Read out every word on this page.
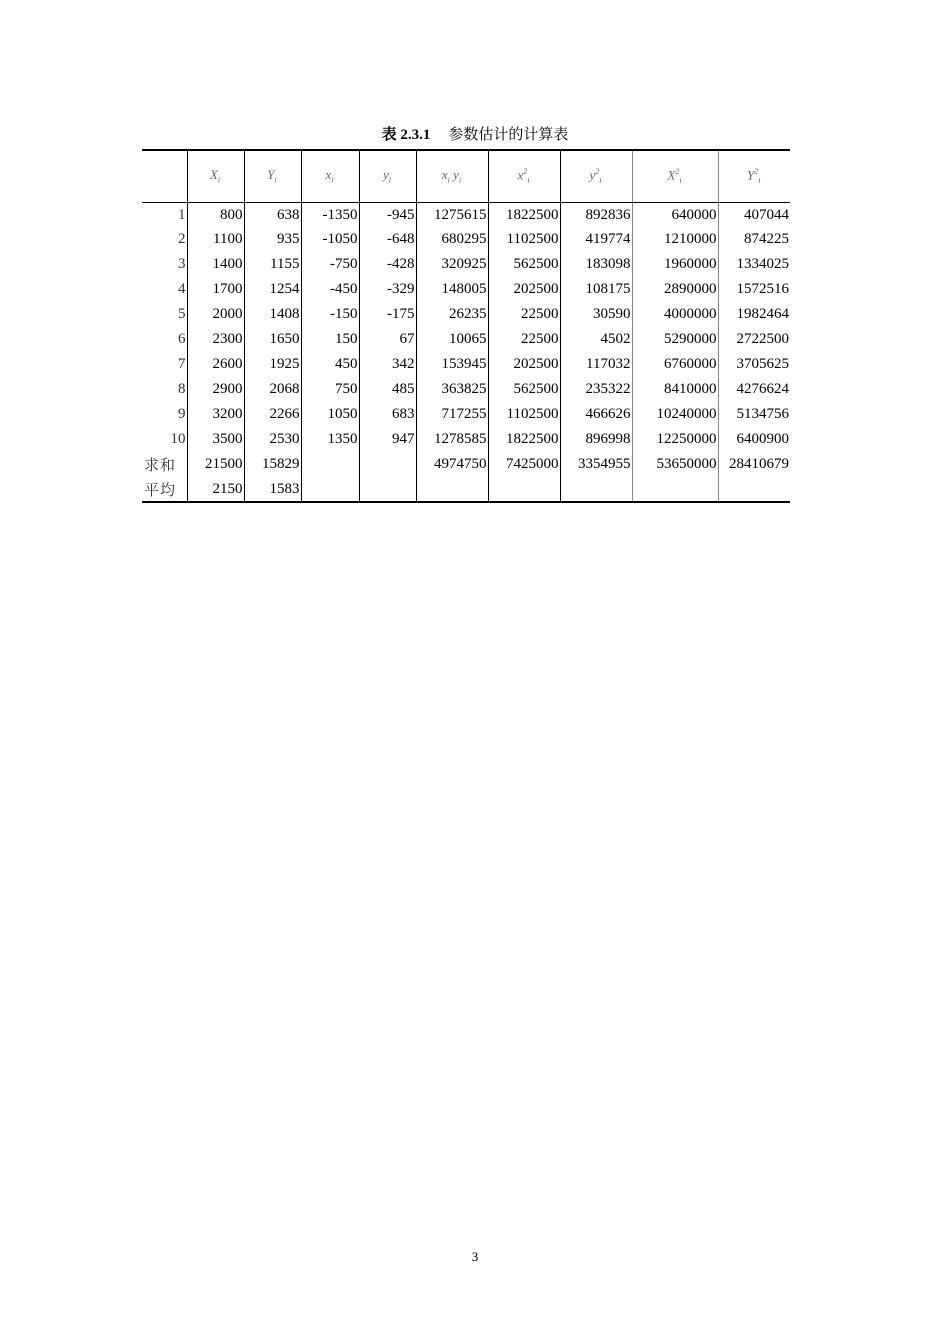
表 2.3.1 参数估计的计算表
	$X_i$	$Y_i$	$x_i$	$y_i$	$x_i$ $y_i$	$x^2_i$	$y^2_i$	$X^2_i$	$Y^2_i$
1	800	638	-1350	-945	1275615	1822500	892836	640000	407044
2	1100	935	-1050	-648	680295	1102500	419774	1210000	874225
3	1400	1155	-750	-428	320925	562500	183098	1960000	1334025
4	1700	1254	-450	-329	148005	202500	108175	2890000	1572516
5	2000	1408	-150	-175	26235	22500	30590	4000000	1982464
6	2300	1650	150	67	10065	22500	4502	5290000	2722500
7	2600	1925	450	342	153945	202500	117032	6760000	3705625
8	2900	2068	750	485	363825	562500	235322	8410000	4276624
9	3200	2266	1050	683	717255	1102500	466626	10240000	5134756
10	3500	2530	1350	947	1278585	1822500	896998	12250000	6400900
求和	21500	15829			4974750	7425000	3354955	53650000	28410679
平均	2150	1583							
3
